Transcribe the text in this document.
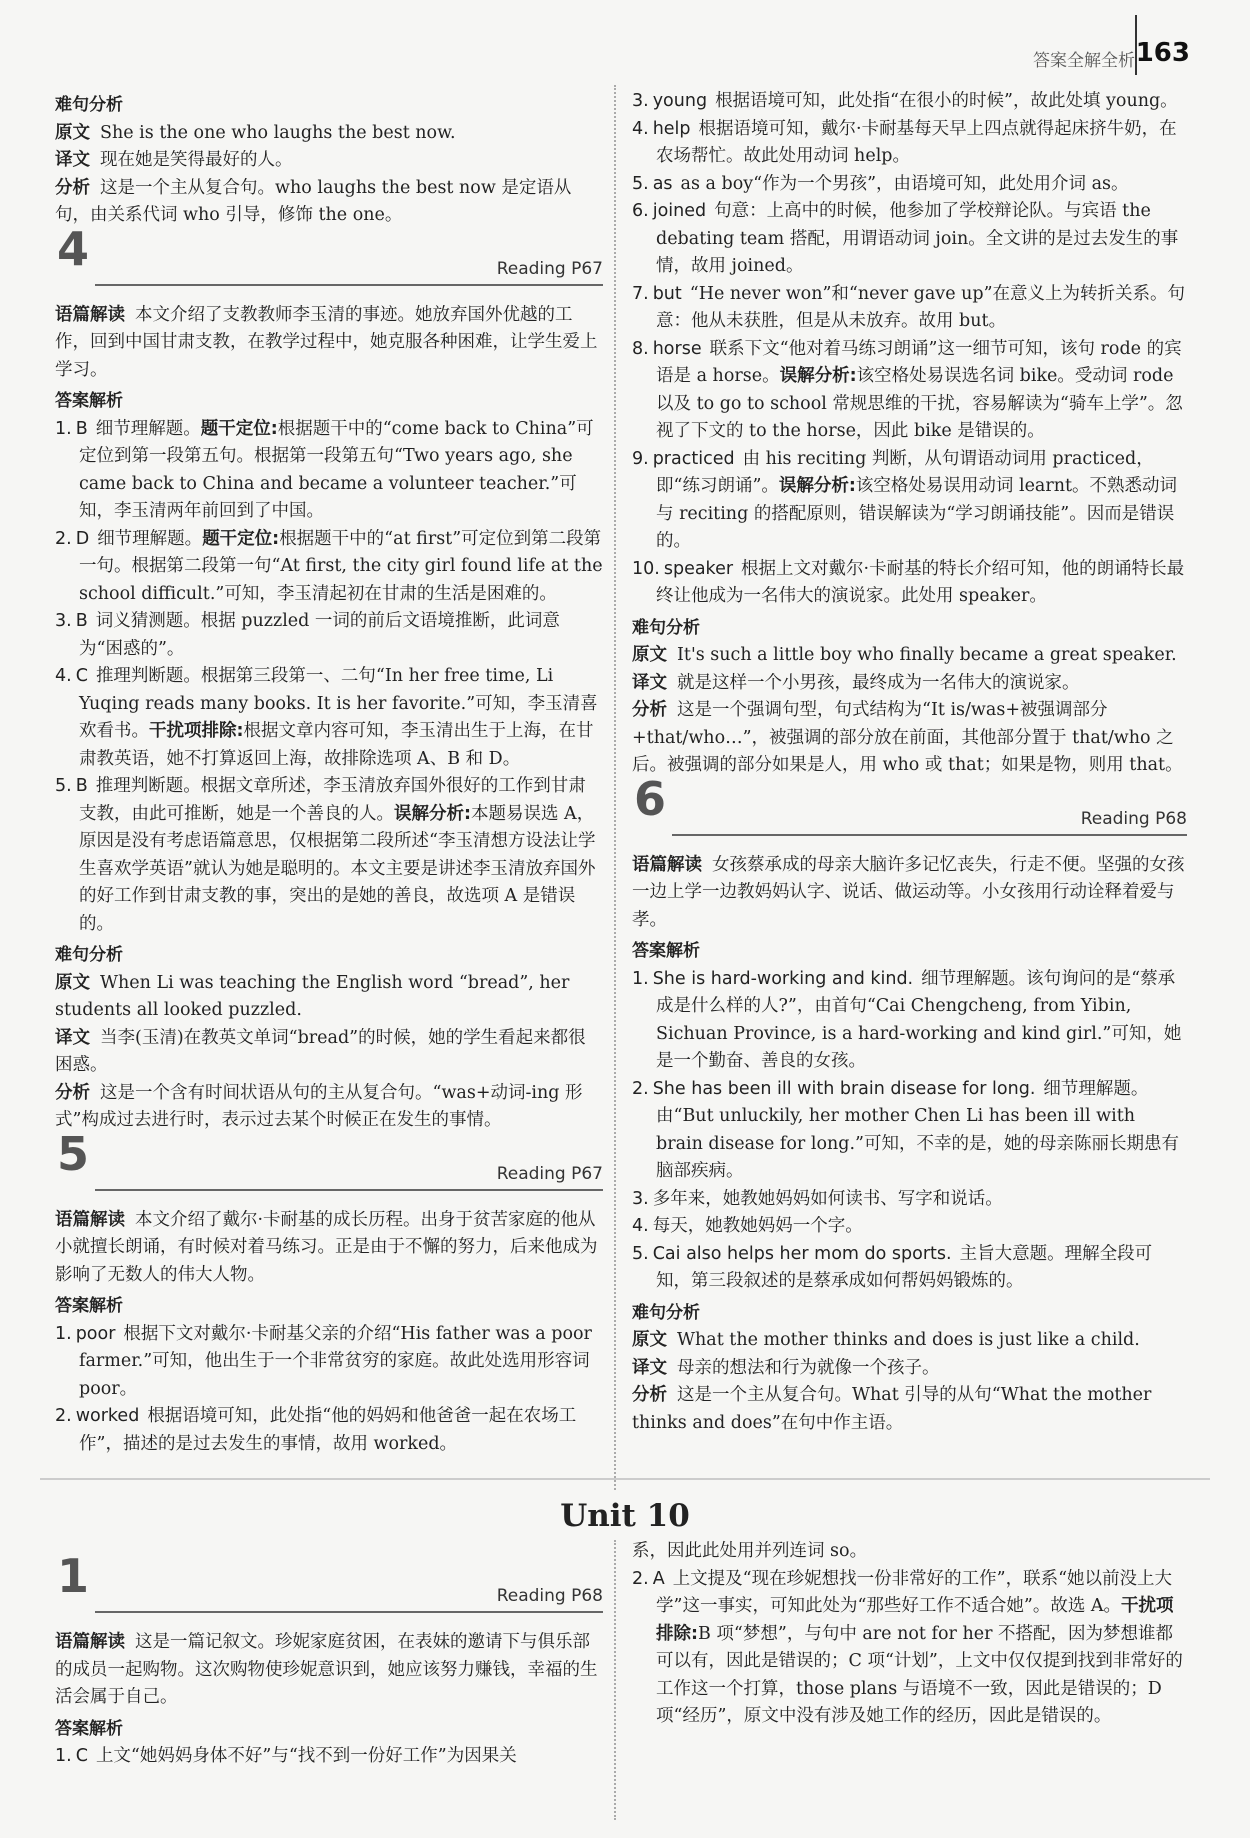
答案全解全析 163
难句分析

原文 She is the one who laughs the best now.

译文 现在她是笑得最好的人。

分析 这是一个主从复合句。who laughs the best now 是定语从句，由关系代词 who 引导，修饰 the one。

4	Reading P67

语篇解读 本文介绍了支教教师李玉清的事迹。她放弃国外优越的工作，回到中国甘肃支教，在教学过程中，她克服各种困难，让学生爱上学习。

答案解析

1. B 细节理解题。题干定位:根据题干中的“come back to China”可定位到第一段第五句。根据第一段第五句“Two years ago, she came back to China and became a volunteer teacher.”可知，李玉清两年前回到了中国。

2. D 细节理解题。题干定位:根据题干中的“at first”可定位到第二段第一句。根据第二段第一句“At first, the city girl found life at the school difficult.”可知，李玉清起初在甘肃的生活是困难的。

3. B 词义猜测题。根据 puzzled 一词的前后文语境推断，此词意为“困惑的”。

4. C 推理判断题。根据第三段第一、二句“In her free time, Li Yuqing reads many books. It is her favorite.”可知，李玉清喜欢看书。干扰项排除:根据文章内容可知，李玉清出生于上海，在甘肃教英语，她不打算返回上海，故排除选项 A、B 和 D。

5. B 推理判断题。根据文章所述，李玉清放弃国外很好的工作到甘肃支教，由此可推断，她是一个善良的人。误解分析:本题易误选 A，原因是没有考虑语篇意思，仅根据第二段所述“李玉清想方设法让学生喜欢学英语”就认为她是聪明的。本文主要是讲述李玉清放弃国外的好工作到甘肃支教的事，突出的是她的善良，故选项 A 是错误的。

难句分析

原文 When Li was teaching the English word “bread”, her students all looked puzzled.

译文 当李(玉清)在教英文单词“bread”的时候，她的学生看起来都很困惑。

分析 这是一个含有时间状语从句的主从复合句。“was+动词-ing 形式”构成过去进行时，表示过去某个时候正在发生的事情。

5	Reading P67

语篇解读 本文介绍了戴尔·卡耐基的成长历程。出身于贫苦家庭的他从小就擅长朗诵，有时候对着马练习。正是由于不懈的努力，后来他成为影响了无数人的伟大人物。

答案解析

1. poor 根据下文对戴尔·卡耐基父亲的介绍“His father was a poor farmer.”可知，他出生于一个非常贫穷的家庭。故此处选用形容词 poor。

2. worked 根据语境可知，此处指“他的妈妈和他爸爸一起在农场工作”，描述的是过去发生的事情，故用 worked。

3. young 根据语境可知，此处指“在很小的时候”，故此处填 young。

4. help 根据语境可知，戴尔·卡耐基每天早上四点就得起床挤牛奶，在农场帮忙。故此处用动词 help。

5. as as a boy“作为一个男孩”，由语境可知，此处用介词 as。

6. joined 句意：上高中的时候，他参加了学校辩论队。与宾语 the debating team 搭配，用谓语动词 join。全文讲的是过去发生的事情，故用 joined。

7. but “He never won”和“never gave up”在意义上为转折关系。句意：他从未获胜，但是从未放弃。故用 but。

8. horse 联系下文“他对着马练习朗诵”这一细节可知，该句 rode 的宾语是 a horse。误解分析:该空格处易误选名词 bike。受动词 rode 以及 to go to school 常规思维的干扰，容易解读为“骑车上学”。忽视了下文的 to the horse，因此 bike 是错误的。

9. practiced 由 his reciting 判断，从句谓语动词用 practiced，即“练习朗诵”。误解分析:该空格处易误用动词 learnt。不熟悉动词与 reciting 的搭配原则，错误解读为“学习朗诵技能”。因而是错误的。

10. speaker 根据上文对戴尔·卡耐基的特长介绍可知，他的朗诵特长最终让他成为一名伟大的演说家。此处用 speaker。

难句分析

原文 It's such a little boy who finally became a great speaker.

译文 就是这样一个小男孩，最终成为一名伟大的演说家。

分析 这是一个强调句型，句式结构为“It is/was+被强调部分+that/who…”，被强调的部分放在前面，其他部分置于 that/who 之后。被强调的部分如果是人，用 who 或 that；如果是物，则用 that。

6	Reading P68

语篇解读 女孩蔡承成的母亲大脑许多记忆丧失，行走不便。坚强的女孩一边上学一边教妈妈认字、说话、做运动等。小女孩用行动诠释着爱与孝。

答案解析

1. She is hard-working and kind. 细节理解题。该句询问的是“蔡承成是什么样的人?”，由首句“Cai Chengcheng, from Yibin, Sichuan Province, is a hard-working and kind girl.”可知，她是一个勤奋、善良的女孩。

2. She has been ill with brain disease for long. 细节理解题。由“But unluckily, her mother Chen Li has been ill with brain disease for long.”可知，不幸的是，她的母亲陈丽长期患有脑部疾病。

3. 多年来，她教她妈妈如何读书、写字和说话。

4. 每天，她教她妈妈一个字。

5. Cai also helps her mom do sports. 主旨大意题。理解全段可知，第三段叙述的是蔡承成如何帮妈妈锻炼的。

难句分析

原文 What the mother thinks and does is just like a child.

译文 母亲的想法和行为就像一个孩子。

分析 这是一个主从复合句。What 引导的从句“What the mother thinks and does”在句中作主语。

Unit 10
1	Reading P68

语篇解读 这是一篇记叙文。珍妮家庭贫困，在表妹的邀请下与俱乐部的成员一起购物。这次购物使珍妮意识到，她应该努力赚钱，幸福的生活会属于自己。

答案解析

1. C 上文“她妈妈身体不好”与“找不到一份好工作”为因果关

系，因此此处用并列连词 so。

2. A 上文提及“现在珍妮想找一份非常好的工作”，联系“她以前没上大学”这一事实，可知此处为“那些好工作不适合她”。故选 A。干扰项排除:B 项“梦想”，与句中 are not for her 不搭配，因为梦想谁都可以有，因此是错误的；C 项“计划”，上文中仅仅提到找到非常好的工作这一个打算，those plans 与语境不一致，因此是错误的；D 项“经历”，原文中没有涉及她工作的经历，因此是错误的。
